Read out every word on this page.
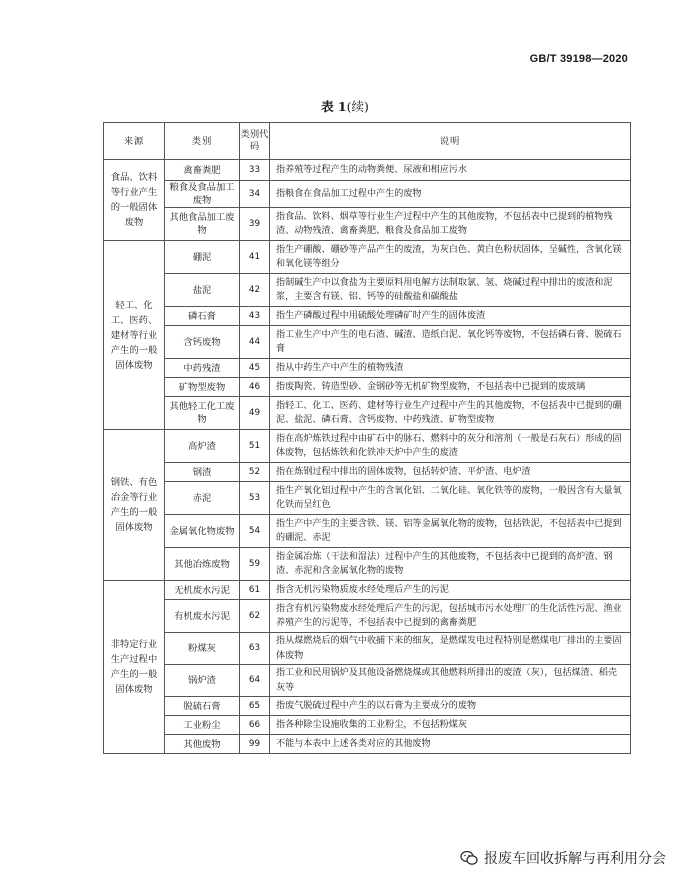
GB/T 39198—2020
表 1(续)
来源	类别	类别代码	说明
食品、饮料等行业产生的一般固体废物	禽畜粪肥	33	指养殖等过程产生的动物粪便、尿液和相应污水
	粮食及食品加工废物	34	指粮食在食品加工过程中产生的废物
	其他食品加工废物	39	指食品、饮料、烟草等行业生产过程中产生的其他废物，不包括表中已提到的植物残渣、动物残渣、禽畜粪肥、粮食及食品加工废物
轻工、化工、医药、建材等行业产生的一般固体废物	硼泥	41	指生产硼酸、硼砂等产品产生的废渣，为灰白色、黄白色粉状固体，呈碱性，含氧化镁和氧化镁等组分
	盐泥	42	指制碱生产中以食盐为主要原料用电解方法制取氯、氢、烧碱过程中排出的废渣和泥浆，主要含有镁、铝、钙等的硅酸盐和碳酸盐
	磷石膏	43	指生产磷酸过程中用硫酸处理磷矿时产生的固体废渣
	含钙废物	44	指工业生产中产生的电石渣、碱渣、造纸白泥、氧化钙等废物，不包括磷石膏、脱硫石膏
	中药残渣	45	指从中药生产中产生的植物残渣
	矿物型废物	46	指废陶瓷、铸造型砂、金钢砂等无机矿物型废物，不包括表中已提到的废玻璃
	其他轻工化工废物	49	指轻工、化工、医药、建材等行业生产过程中产生的其他废物，不包括表中已提到的硼泥、盐泥、磷石膏、含钙废物、中药残渣、矿物型废物
钢铁、有色冶金等行业产生的一般固体废物	高炉渣	51	指在高炉炼铁过程中由矿石中的脉石、燃料中的灰分和溶剂（一般是石灰石）形成的固体废物，包括炼铁和化铁冲天炉中产生的废渣
	钢渣	52	指在炼钢过程中排出的固体废物，包括转炉渣、平炉渣、电炉渣
	赤泥	53	指生产氧化铝过程中产生的含氧化铝、二氧化硅、氧化铁等的废物，一般因含有大量氧化铁而呈红色
	金属氧化物废物	54	指生产中产生的主要含铁、镁、铝等金属氧化物的废物，包括铁泥，不包括表中已提到的硼泥、赤泥
	其他冶炼废物	59	指金属冶炼（干法和湿法）过程中产生的其他废物，不包括表中已提到的高炉渣、钢渣、赤泥和含金属氧化物的废物
非特定行业生产过程中产生的一般固体废物	无机废水污泥	61	指含无机污染物质废水经处理后产生的污泥
	有机废水污泥	62	指含有机污染物废水经处理后产生的污泥，包括城市污水处理厂的生化活性污泥、渔业养殖产生的污泥等，不包括表中已提到的禽畜粪肥
	粉煤灰	63	指从煤燃烧后的烟气中收捕下来的细灰，是燃煤发电过程特别是燃煤电厂排出的主要固体废物
	锅炉渣	64	指工业和民用锅炉及其他设备燃烧煤或其他燃料所排出的废渣（灰），包括煤渣、稻壳灰等
	脱硫石膏	65	指废气脱硫过程中产生的以石膏为主要成分的废物
	工业粉尘	66	指各种除尘设施收集的工业粉尘，不包括粉煤灰
	其他废物	99	不能与本表中上述各类对应的其他废物
报废车回收拆解与再利用分会
